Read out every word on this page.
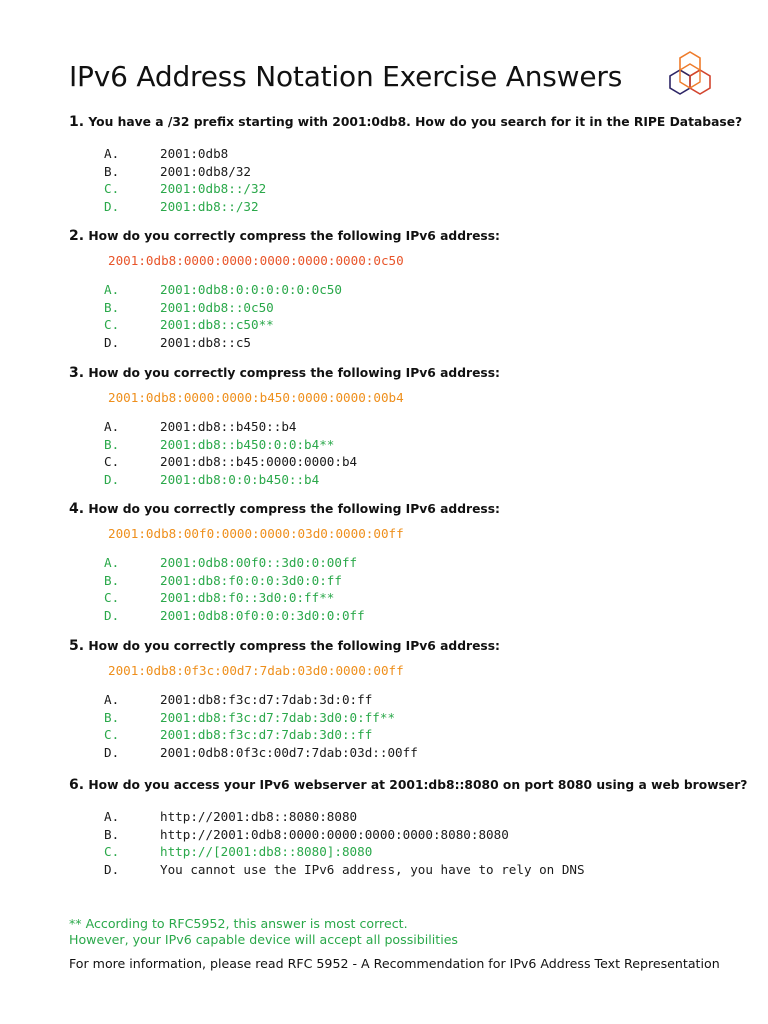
IPv6 Address Notation Exercise Answers
1. You have a /32 prefix starting with 2001:0db8. How do you search for it in the RIPE Database?
A.	2001:0db8
B.	2001:0db8/32
C.	2001:0db8::/32
D.	2001:db8::/32
2. How do you correctly compress the following IPv6 address:
2001:0db8:0000:0000:0000:0000:0000:0c50
A.	2001:0db8:0:0:0:0:0:0c50
B.	2001:0db8::0c50
C.	2001:db8::c50**
D.	2001:db8::c5
3. How do you correctly compress the following IPv6 address:
2001:0db8:0000:0000:b450:0000:0000:00b4
A.	2001:db8::b450::b4
B.	2001:db8::b450:0:0:b4**
C.	2001:db8::b45:0000:0000:b4
D.	2001:db8:0:0:b450::b4
4. How do you correctly compress the following IPv6 address:
2001:0db8:00f0:0000:0000:03d0:0000:00ff
A.	2001:0db8:00f0::3d0:0:00ff
B.	2001:db8:f0:0:0:3d0:0:ff
C.	2001:db8:f0::3d0:0:ff**
D.	2001:0db8:0f0:0:0:3d0:0:0ff
5. How do you correctly compress the following IPv6 address:
2001:0db8:0f3c:00d7:7dab:03d0:0000:00ff
A.	2001:db8:f3c:d7:7dab:3d:0:ff
B.	2001:db8:f3c:d7:7dab:3d0:0:ff**
C.	2001:db8:f3c:d7:7dab:3d0::ff
D.	2001:0db8:0f3c:00d7:7dab:03d::00ff
6. How do you access your IPv6 webserver at 2001:db8::8080 on port 8080 using a web browser?
A.	http://2001:db8::8080:8080
B.	http://2001:0db8:0000:0000:0000:0000:8080:8080
C.	http://[2001:db8::8080]:8080
D.	You cannot use the IPv6 address, you have to rely on DNS
** According to RFC5952, this answer is most correct.
However, your IPv6 capable device will accept all possibilities
For more information, please read RFC 5952 - A Recommendation for IPv6 Address Text Representation
